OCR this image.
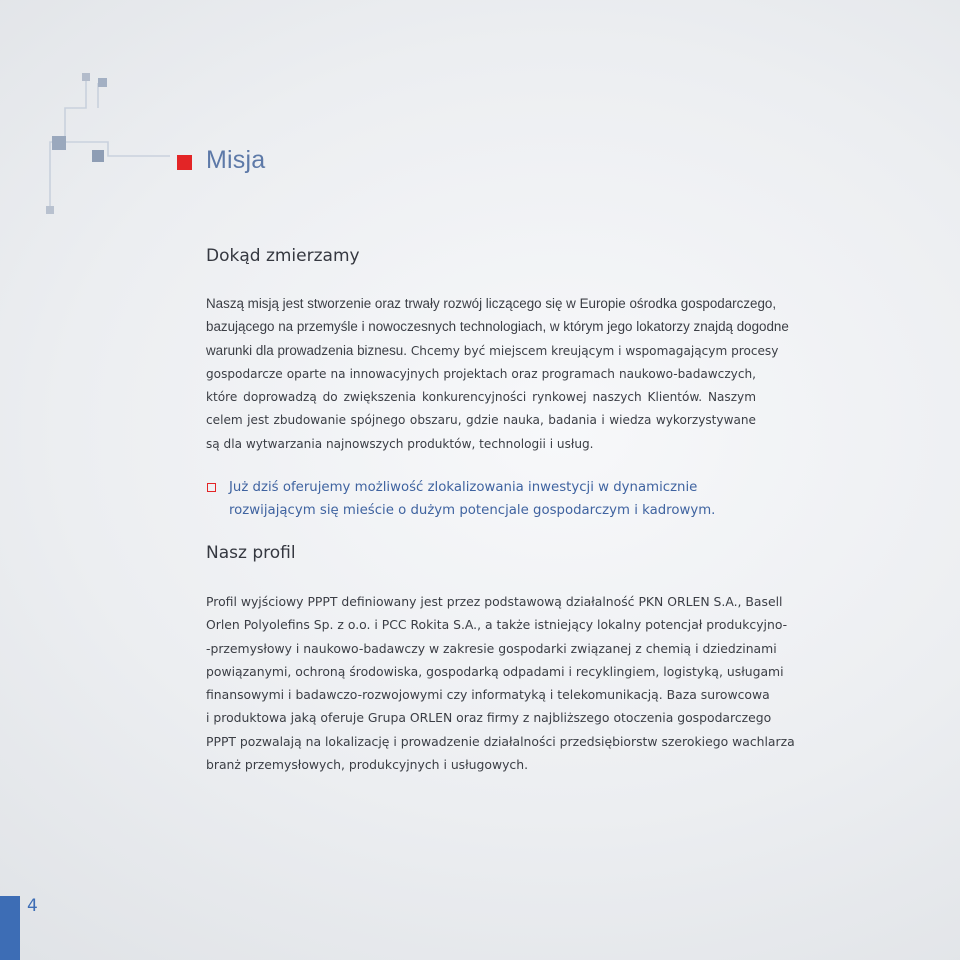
Misja
Dokąd zmierzamy
Naszą misją jest stworzenie oraz trwały rozwój liczącego się w Europie ośrodka gospodarczego,
bazującego na przemyśle i nowoczesnych technologiach, w którym jego lokatorzy znajdą dogodne
warunki dla prowadzenia biznesu. Chcemy być miejscem kreującym i wspomagającym procesy
gospodarcze oparte na innowacyjnych projektach oraz programach naukowo-badawczych,
które doprowadzą do zwiększenia konkurencyjności rynkowej naszych Klientów. Naszym
celem jest zbudowanie spójnego obszaru, gdzie nauka, badania i wiedza wykorzystywane
są dla wytwarzania najnowszych produktów, technologii i usług.
Już dziś oferujemy możliwość zlokalizowania inwestycji w dynamicznie
rozwijającym się mieście o dużym potencjale gospodarczym i kadrowym.
Nasz profil
Profil wyjściowy PPPT definiowany jest przez podstawową działalność PKN ORLEN S.A., Basell
Orlen Polyolefins Sp. z o.o. i PCC Rokita S.A., a także istniejący lokalny potencjał produkcyjno-
-przemysłowy i naukowo-badawczy w zakresie gospodarki związanej z chemią i dziedzinami
powiązanymi, ochroną środowiska, gospodarką odpadami i recyklingiem, logistyką, usługami
finansowymi i badawczo-rozwojowymi czy informatyką i telekomunikacją. Baza surowcowa
i produktowa jaką oferuje Grupa ORLEN oraz firmy z najbliższego otoczenia gospodarczego
PPPT pozwalają na lokalizację i prowadzenie działalności przedsiębiorstw szerokiego wachlarza
branż przemysłowych, produkcyjnych i usługowych.

4
